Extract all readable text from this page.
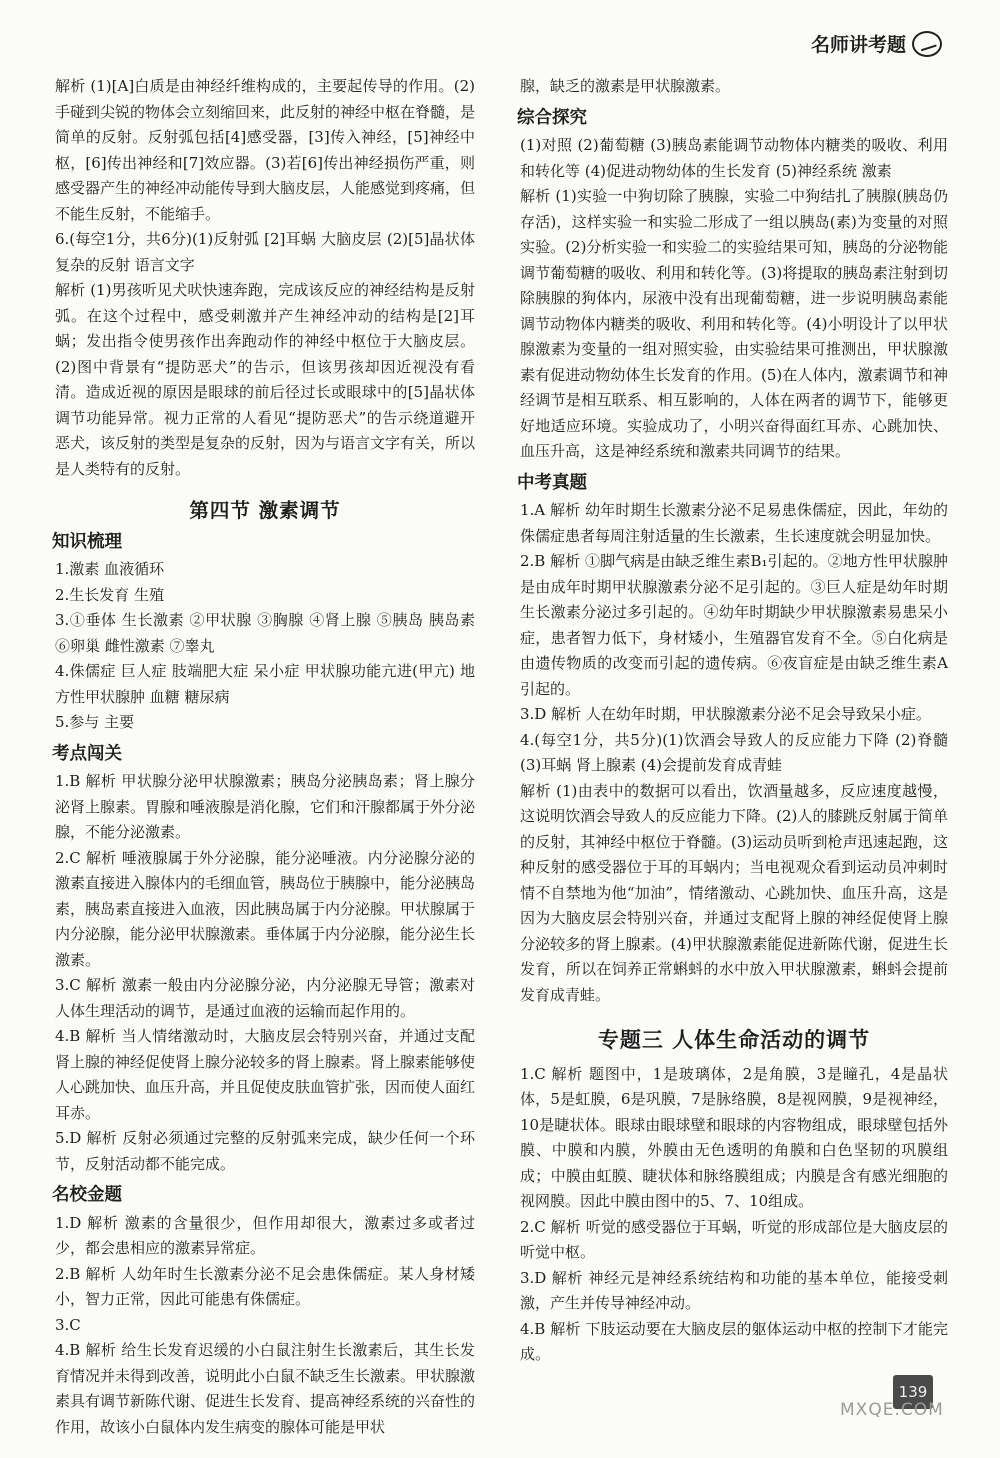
名师讲考题
解析 (1)[A]白质是由神经纤维构成的，主要起传导的作用。(2)手碰到尖锐的物体会立刻缩回来，此反射的神经中枢在脊髓，是简单的反射。反射弧包括[4]感受器，[3]传入神经，[5]神经中枢，[6]传出神经和[7]效应器。(3)若[6]传出神经损伤严重，则感受器产生的神经冲动能传导到大脑皮层，人能感觉到疼痛，但不能生反射，不能缩手。
6.(每空1分，共6分)(1)反射弧 [2]耳蜗 大脑皮层 (2)[5]晶状体 复杂的反射 语言文字
解析 (1)男孩听见犬吠快速奔跑，完成该反应的神经结构是反射弧。在这个过程中，感受刺激并产生神经冲动的结构是[2]耳蜗；发出指令使男孩作出奔跑动作的神经中枢位于大脑皮层。(2)图中背景有“提防恶犬”的告示，但该男孩却因近视没有看清。造成近视的原因是眼球的前后径过长或眼球中的[5]晶状体调节功能异常。视力正常的人看见“提防恶犬”的告示绕道避开恶犬，该反射的类型是复杂的反射，因为与语言文字有关，所以是人类特有的反射。
第四节 激素调节
知识梳理
1.激素 血液循环
2.生长发育 生殖
3.①垂体 生长激素 ②甲状腺 ③胸腺 ④肾上腺 ⑤胰岛 胰岛素 ⑥卵巢 雌性激素 ⑦睾丸
4.侏儒症 巨人症 肢端肥大症 呆小症 甲状腺功能亢进(甲亢) 地方性甲状腺肿 血糖 糖尿病
5.参与 主要
考点闯关
1.B 解析 甲状腺分泌甲状腺激素；胰岛分泌胰岛素；肾上腺分泌肾上腺素。胃腺和唾液腺是消化腺，它们和汗腺都属于外分泌腺，不能分泌激素。
2.C 解析 唾液腺属于外分泌腺，能分泌唾液。内分泌腺分泌的激素直接进入腺体内的毛细血管，胰岛位于胰腺中，能分泌胰岛素，胰岛素直接进入血液，因此胰岛属于内分泌腺。甲状腺属于内分泌腺，能分泌甲状腺激素。垂体属于内分泌腺，能分泌生长激素。
3.C 解析 激素一般由内分泌腺分泌，内分泌腺无导管；激素对人体生理活动的调节，是通过血液的运输而起作用的。
4.B 解析 当人情绪激动时，大脑皮层会特别兴奋，并通过支配肾上腺的神经促使肾上腺分泌较多的肾上腺素。肾上腺素能够使人心跳加快、血压升高，并且促使皮肤血管扩张，因而使人面红耳赤。
5.D 解析 反射必须通过完整的反射弧来完成，缺少任何一个环节，反射活动都不能完成。
名校金题
1.D 解析 激素的含量很少，但作用却很大，激素过多或者过少，都会患相应的激素异常症。
2.B 解析 人幼年时生长激素分泌不足会患侏儒症。某人身材矮小，智力正常，因此可能患有侏儒症。
3.C
4.B 解析 给生长发育迟缓的小白鼠注射生长激素后，其生长发育情况并未得到改善，说明此小白鼠不缺乏生长激素。甲状腺激素具有调节新陈代谢、促进生长发育、提高神经系统的兴奋性的作用，故该小白鼠体内发生病变的腺体可能是甲状
腺，缺乏的激素是甲状腺激素。
综合探究
(1)对照 (2)葡萄糖 (3)胰岛素能调节动物体内糖类的吸收、利用和转化等 (4)促进动物幼体的生长发育 (5)神经系统 激素
解析 (1)实验一中狗切除了胰腺，实验二中狗结扎了胰腺(胰岛仍存活)，这样实验一和实验二形成了一组以胰岛(素)为变量的对照实验。(2)分析实验一和实验二的实验结果可知，胰岛的分泌物能调节葡萄糖的吸收、利用和转化等。(3)将提取的胰岛素注射到切除胰腺的狗体内，尿液中没有出现葡萄糖，进一步说明胰岛素能调节动物体内糖类的吸收、利用和转化等。(4)小明设计了以甲状腺激素为变量的一组对照实验，由实验结果可推测出，甲状腺激素有促进动物幼体生长发育的作用。(5)在人体内，激素调节和神经调节是相互联系、相互影响的，人体在两者的调节下，能够更好地适应环境。实验成功了，小明兴奋得面红耳赤、心跳加快、血压升高，这是神经系统和激素共同调节的结果。
中考真题
1.A 解析 幼年时期生长激素分泌不足易患侏儒症，因此，年幼的侏儒症患者每周注射适量的生长激素，生长速度就会明显加快。
2.B 解析 ①脚气病是由缺乏维生素B₁引起的。②地方性甲状腺肿是由成年时期甲状腺激素分泌不足引起的。③巨人症是幼年时期生长激素分泌过多引起的。④幼年时期缺少甲状腺激素易患呆小症，患者智力低下，身材矮小，生殖器官发育不全。⑤白化病是由遗传物质的改变而引起的遗传病。⑥夜盲症是由缺乏维生素A引起的。
3.D 解析 人在幼年时期，甲状腺激素分泌不足会导致呆小症。
4.(每空1分，共5分)(1)饮酒会导致人的反应能力下降 (2)脊髓 (3)耳蜗 肾上腺素 (4)会提前发育成青蛙
解析 (1)由表中的数据可以看出，饮酒量越多，反应速度越慢，这说明饮酒会导致人的反应能力下降。(2)人的膝跳反射属于简单的反射，其神经中枢位于脊髓。(3)运动员听到枪声迅速起跑，这种反射的感受器位于耳的耳蜗内；当电视观众看到运动员冲刺时情不自禁地为他“加油”，情绪激动、心跳加快、血压升高，这是因为大脑皮层会特别兴奋，并通过支配肾上腺的神经促使肾上腺分泌较多的肾上腺素。(4)甲状腺激素能促进新陈代谢，促进生长发育，所以在饲养正常蝌蚪的水中放入甲状腺激素，蝌蚪会提前发育成青蛙。
专题三 人体生命活动的调节
1.C 解析 题图中，1是玻璃体，2是角膜，3是瞳孔，4是晶状体，5是虹膜，6是巩膜，7是脉络膜，8是视网膜，9是视神经，10是睫状体。眼球由眼球壁和眼球的内容物组成，眼球壁包括外膜、中膜和内膜，外膜由无色透明的角膜和白色坚韧的巩膜组成；中膜由虹膜、睫状体和脉络膜组成；内膜是含有感光细胞的视网膜。因此中膜由图中的5、7、10组成。
2.C 解析 听觉的感受器位于耳蜗，听觉的形成部位是大脑皮层的听觉中枢。
3.D 解析 神经元是神经系统结构和功能的基本单位，能接受刺激，产生并传导神经冲动。
4.B 解析 下肢运动要在大脑皮层的躯体运动中枢的控制下才能完成。
139
MXQE.COM
